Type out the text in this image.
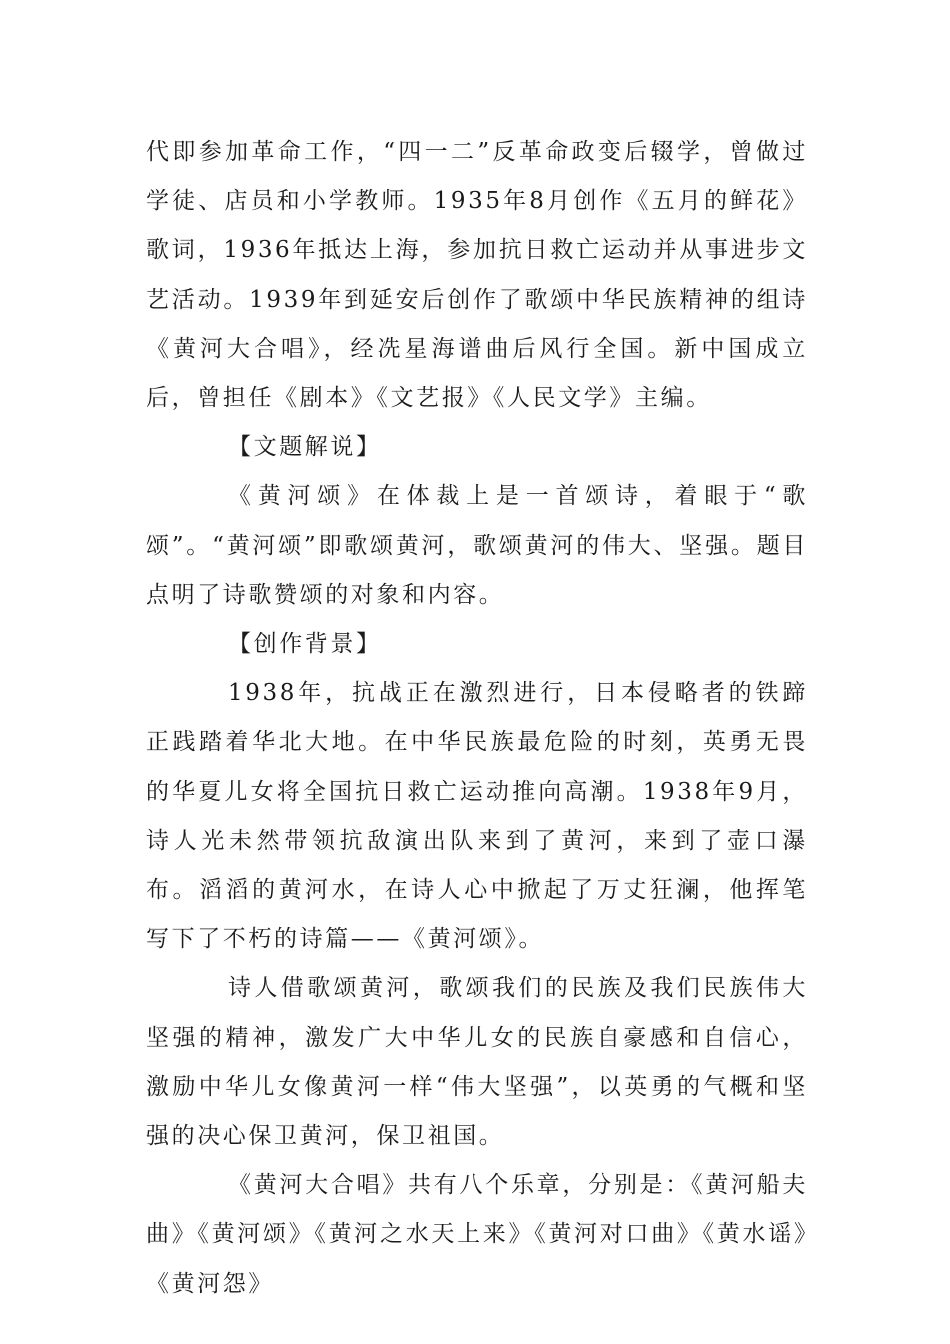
代即参加革命工作，“四一二”反革命政变后辍学，曾做过学徒、店员和小学教师。1935年8月创作《五月的鲜花》歌词，1936年抵达上海，参加抗日救亡运动并从事进步文艺活动。1939年到延安后创作了歌颂中华民族精神的组诗《黄河大合唱》，经冼星海谱曲后风行全国。新中国成立后，曾担任《剧本》《文艺报》《人民文学》主编。

【文题解说】

《黄河颂》在体裁上是一首颂诗，着眼于“歌颂”。“黄河颂”即歌颂黄河，歌颂黄河的伟大、坚强。题目点明了诗歌赞颂的对象和内容。

【创作背景】

1938年，抗战正在激烈进行，日本侵略者的铁蹄正践踏着华北大地。在中华民族最危险的时刻，英勇无畏的华夏儿女将全国抗日救亡运动推向高潮。1938年9月，诗人光未然带领抗敌演出队来到了黄河，来到了壶口瀑布。滔滔的黄河水，在诗人心中掀起了万丈狂澜，他挥笔写下了不朽的诗篇——《黄河颂》。

诗人借歌颂黄河，歌颂我们的民族及我们民族伟大坚强的精神，激发广大中华儿女的民族自豪感和自信心，激励中华儿女像黄河一样“伟大坚强”，以英勇的气概和坚强的决心保卫黄河，保卫祖国。

《黄河大合唱》共有八个乐章，分别是：《黄河船夫曲》《黄河颂》《黄河之水天上来》《黄河对口曲》《黄水谣》《黄河怨》
